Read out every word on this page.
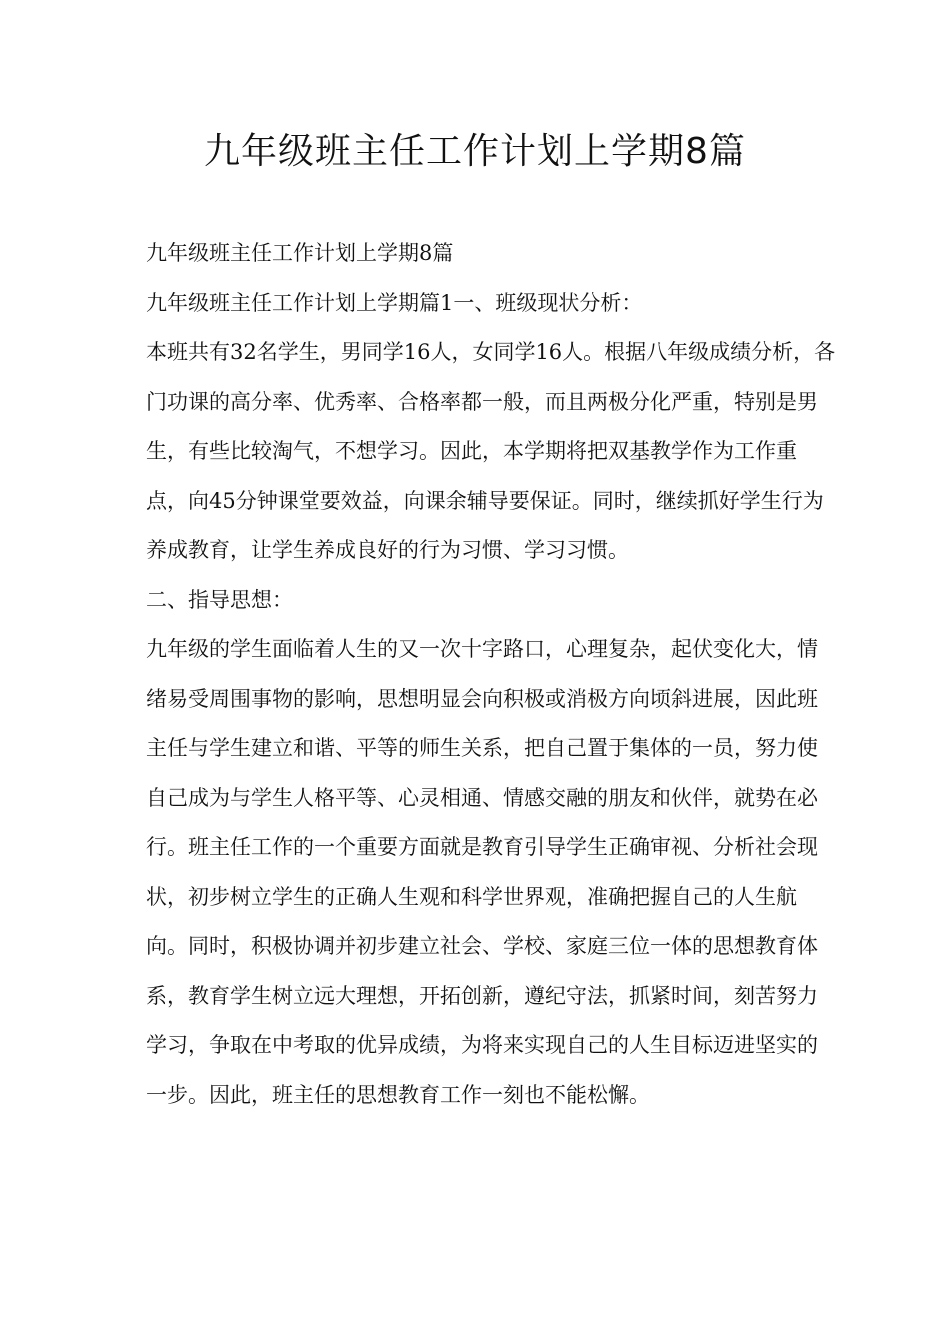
九年级班主任工作计划上学期8篇

九年级班主任工作计划上学期8篇

九年级班主任工作计划上学期篇1一、班级现状分析：

本班共有32名学生，男同学16人，女同学16人。根据八年级成绩分析，各门功课的高分率、优秀率、合格率都一般，而且两极分化严重，特别是男生，有些比较淘气，不想学习。因此，本学期将把双基教学作为工作重点，向45分钟课堂要效益，向课余辅导要保证。同时，继续抓好学生行为养成教育，让学生养成良好的行为习惯、学习习惯。

二、指导思想：

九年级的学生面临着人生的又一次十字路口，心理复杂，起伏变化大，情绪易受周围事物的影响，思想明显会向积极或消极方向顷斜进展，因此班主任与学生建立和谐、平等的师生关系，把自己置于集体的一员，努力使自己成为与学生人格平等、心灵相通、情感交融的朋友和伙伴，就势在必行。班主任工作的一个重要方面就是教育引导学生正确审视、分析社会现状，初步树立学生的正确人生观和科学世界观，准确把握自己的人生航向。同时，积极协调并初步建立社会、学校、家庭三位一体的思想教育体系，教育学生树立远大理想，开拓创新，遵纪守法，抓紧时间，刻苦努力学习，争取在中考取的优异成绩，为将来实现自己的人生目标迈进坚实的一步。因此，班主任的思想教育工作一刻也不能松懈。
